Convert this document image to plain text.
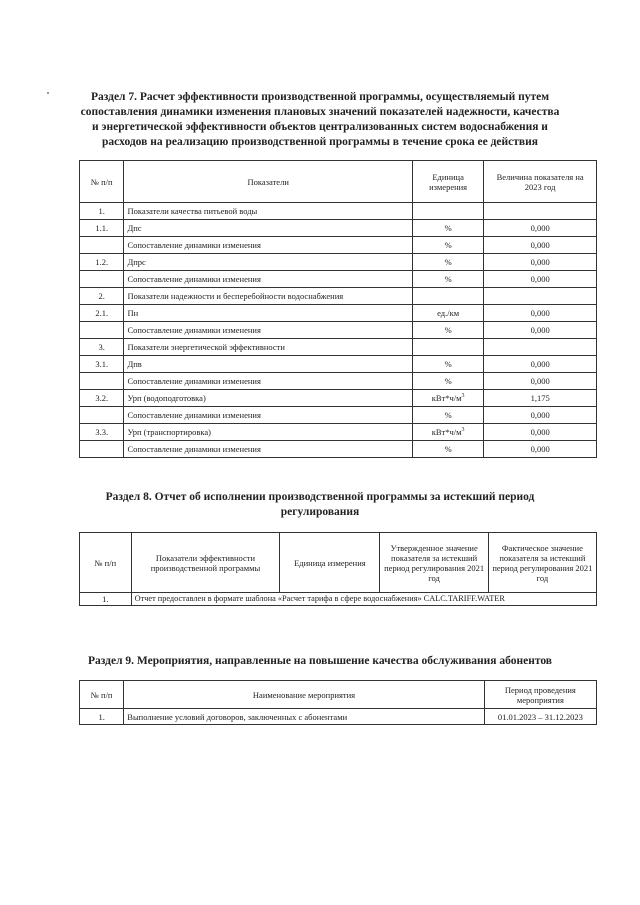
Раздел 7. Расчет эффективности производственной программы, осуществляемый путем сопоставления динамики изменения плановых значений показателей надежности, качества и энергетической эффективности объектов централизованных систем водоснабжения и расходов на реализацию производственной программы в течение срока ее действия
№ п/п	Показатели	Единица измерения	Величина показателя на 2023 год
1.	Показатели качества питьевой воды		
1.1.	Дпс	%	0,000
	Сопоставление динамики изменения	%	0,000
1.2.	Дпрс	%	0,000
	Сопоставление динамики изменения	%	0,000
2.	Показатели надежности и бесперебойности водоснабжения		
2.1.	Пн	ед./км	0,000
	Сопоставление динамики изменения	%	0,000
3.	Показатели энергетической эффективности		
3.1.	Дпв	%	0,000
	Сопоставление динамики изменения	%	0,000
3.2.	Урп (водоподготовка)	$кВт*ч/м^3$	1,175
	Сопоставление динамики изменения	%	0,000
3.3.	Урп (транспортировка)	$кВт*ч/м^3$	0,000
	Сопоставление динамики изменения	%	0,000
Раздел 8. Отчет об исполнении производственной программы за истекший период регулирования
№ п/п	Показатели эффективности производственной программы	Единица измерения	Утвержденное значение показателя за истекший период регулирования 2021 год	Фактическое значение показателя за истекший период регулирования 2021 год
1.	Отчет предоставлен в формате шаблона «Расчет тарифа в сфере водоснабжения» CALC.TARIFF.WATER			
Раздел 9. Мероприятия, направленные на повышение качества обслуживания абонентов
№ п/п	Наименование мероприятия	Период проведения мероприятия
1.	Выполнение условий договоров, заключенных с абонентами	01.01.2023 – 31.12.2023
